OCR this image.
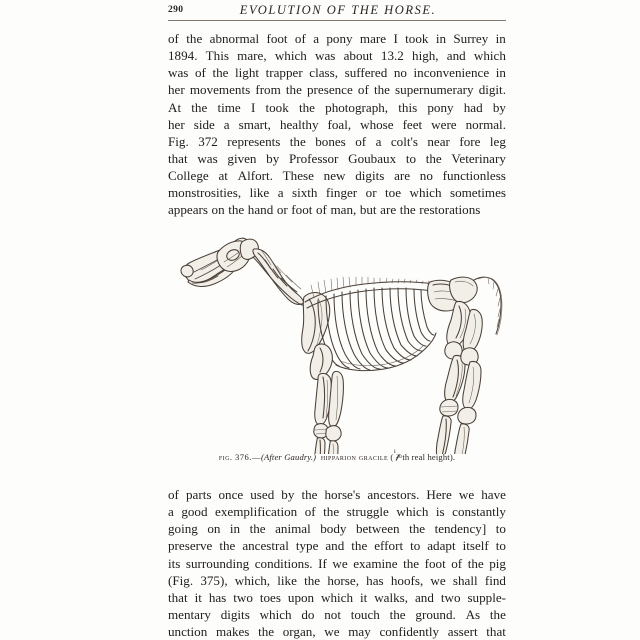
290	EVOLUTION OF THE HORSE.
of the abnormal foot of a pony mare I took in Surrey in
1894. This mare, which was about 13.2 high, and which
was of the light trapper class, suffered no inconvenience in
her movements from the presence of the supernumerary digit.
At the time I took the photograph, this pony had by
her side a smart, healthy foal, whose feet were normal.
Fig. 372 represents the bones of a colt's near fore leg
that was given by Professor Goubaux to the Veterinary
College at Alfort. These new digits are no functionless
monstrosities, like a sixth finger or toe which sometimes
appears on the hand or foot of man, but are the restorations
fig. 376.—(After Gaudry.) hipparion gracile ( 1
20 th real height).
of parts once used by the horse's ancestors. Here we have
a good exemplification of the struggle which is constantly
going on in the animal body between the tendency] to
preserve the ancestral type and the effort to adapt itself to
its surrounding conditions. If we examine the foot of the pig
(Fig. 375), which, like the horse, has hoofs, we shall find
that it has two toes upon which it walks, and two supple-
mentary digits which do not touch the ground. As the
unction makes the organ, we may confidently assert that
